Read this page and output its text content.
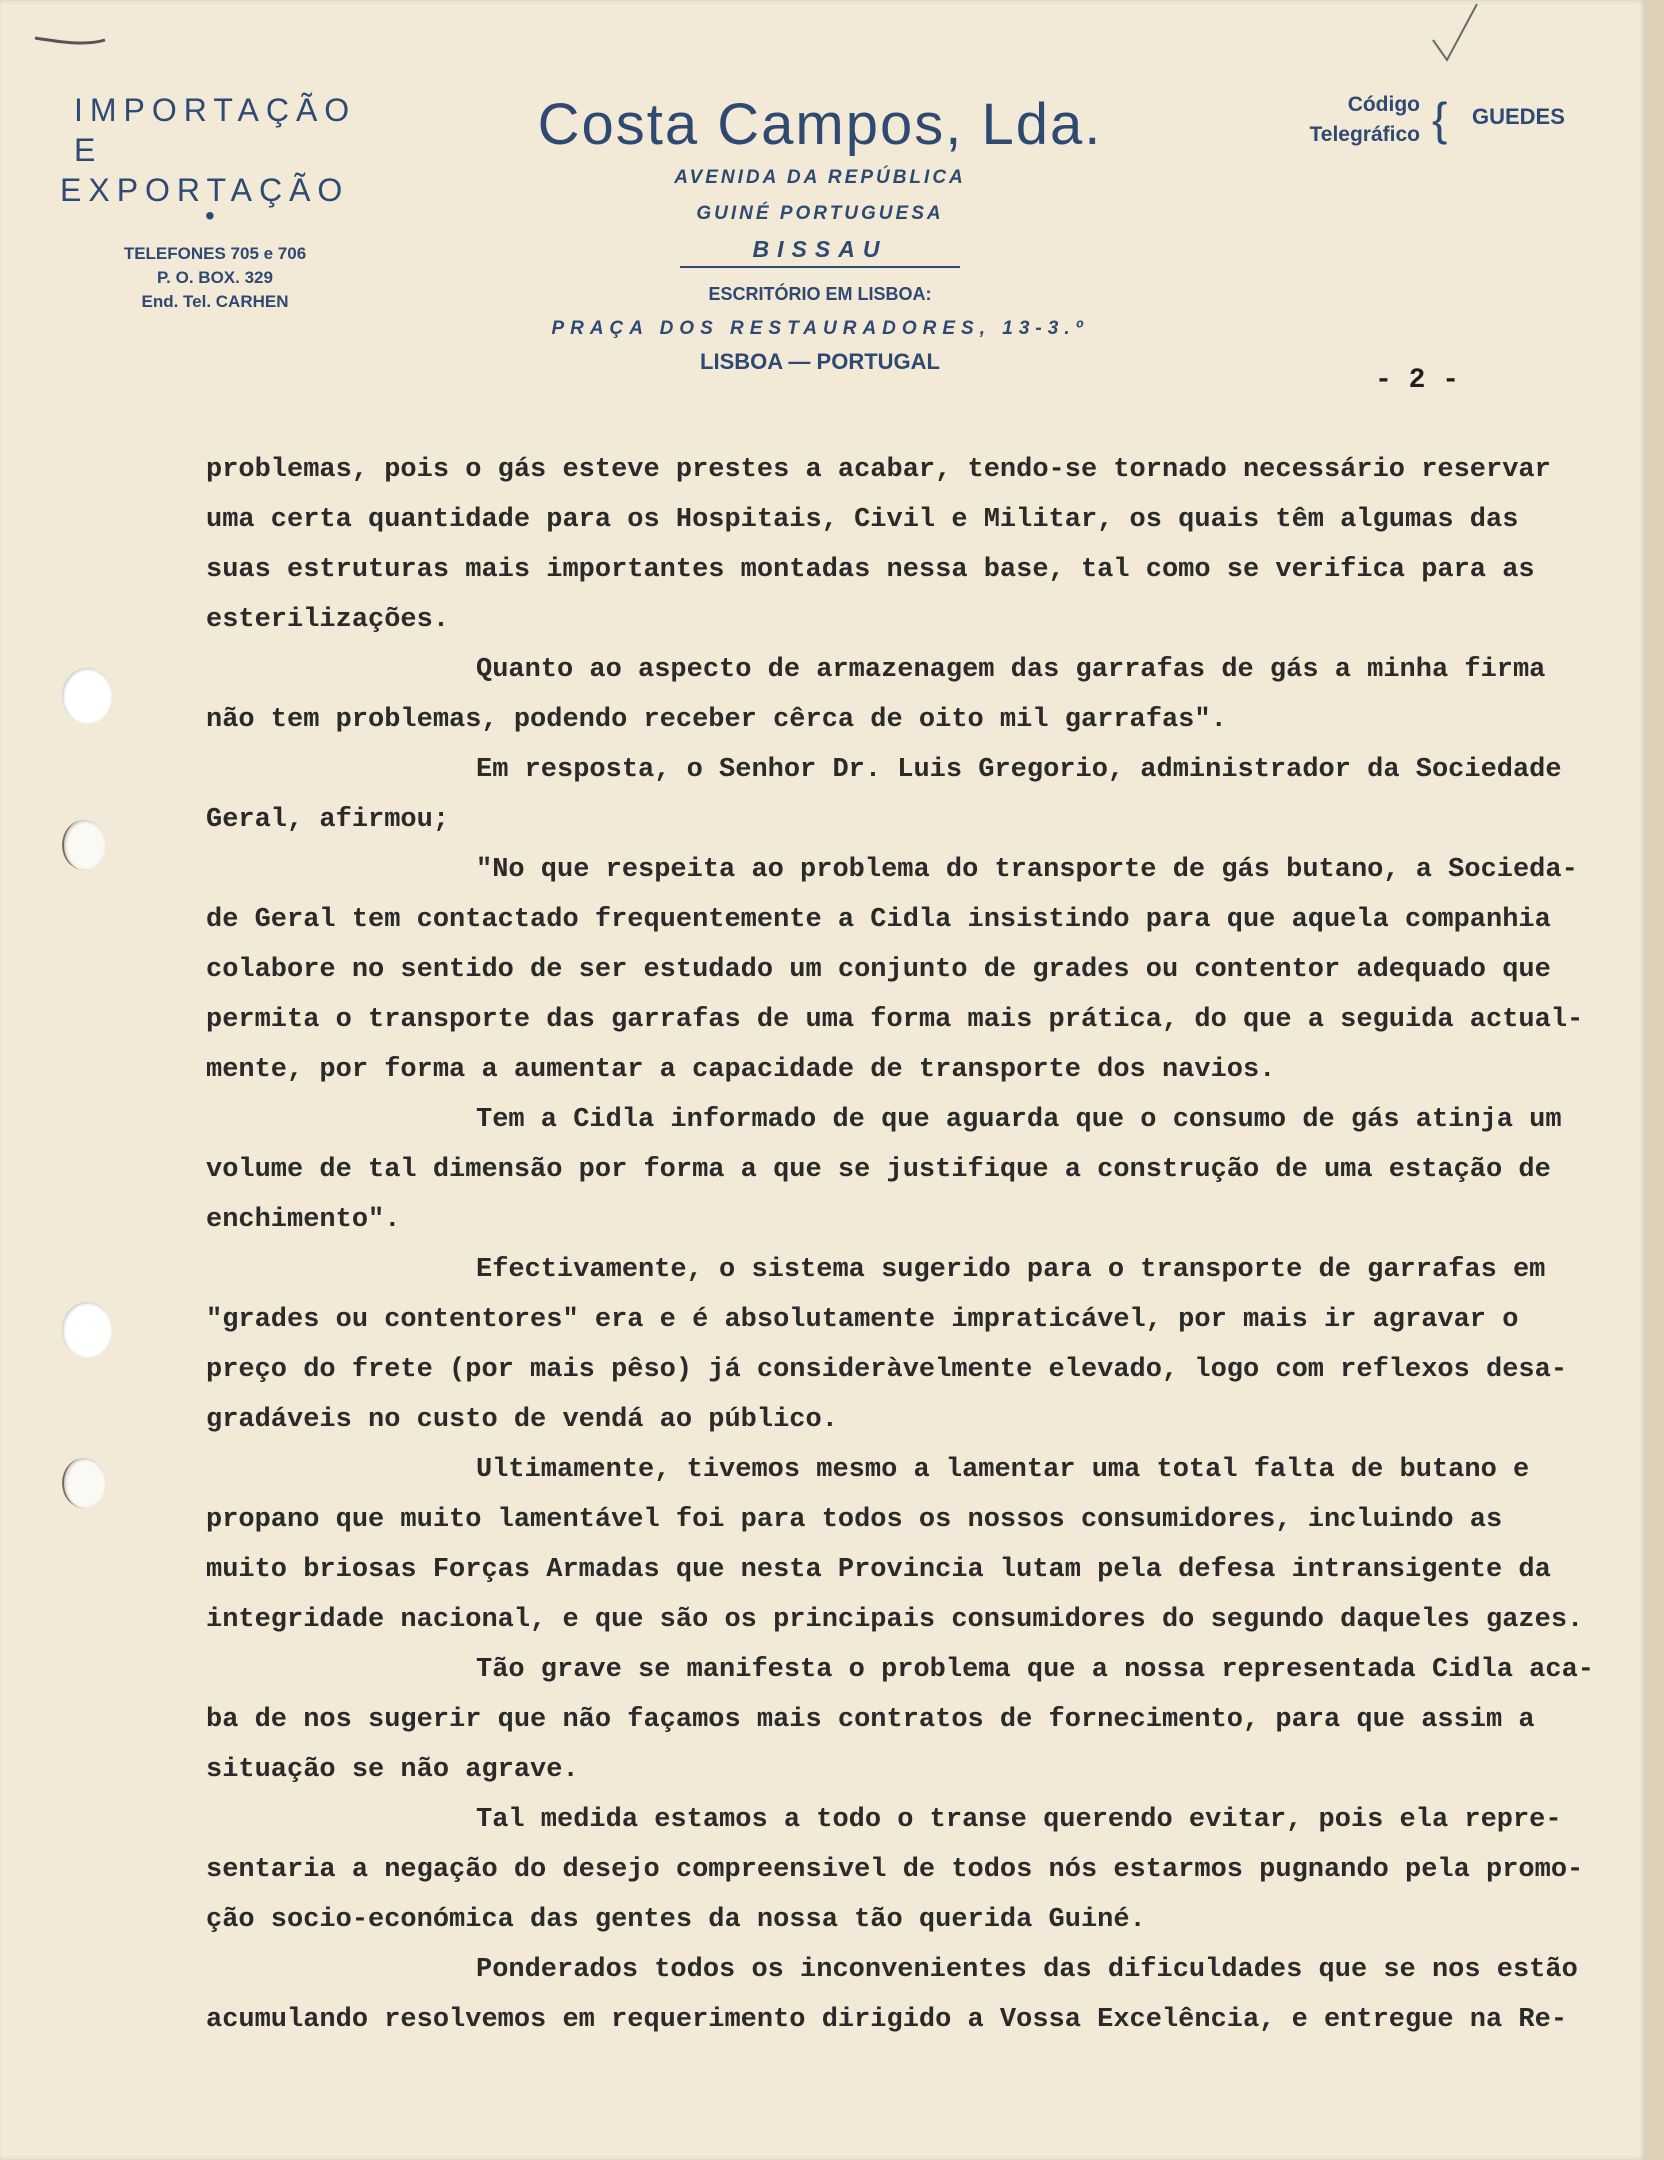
IMPORTAÇÃO E
EXPORTAÇÃO
•
TELEFONES 705 e 706
P. O. BOX. 329
End. Tel. CARHEN
Costa Campos, Lda.
AVENIDA DA REPÚBLICA
GUINÉ PORTUGUESA
BISSAU
ESCRITÓRIO EM LISBOA:
PRAÇA DOS RESTAURADORES, 13-3.º
LISBOA — PORTUGAL
Código
Telegráfico { GUEDES
- 2 -
problemas, pois o gás esteve prestes a acabar, tendo-se tornado necessário reservar
uma certa quantidade para os Hospitais, Civil e Militar, os quais têm algumas das
suas estruturas mais importantes montadas nessa base, tal como se verifica para as
esterilizações.
Quanto ao aspecto de armazenagem das garrafas de gás a minha firma
não tem problemas, podendo receber cêrca de oito mil garrafas".
Em resposta, o Senhor Dr. Luis Gregorio, administrador da Sociedade
Geral, afirmou;
"No que respeita ao problema do transporte de gás butano, a Socieda-
de Geral tem contactado frequentemente a Cidla insistindo para que aquela companhia
colabore no sentido de ser estudado um conjunto de grades ou contentor adequado que
permita o transporte das garrafas de uma forma mais prática, do que a seguida actual-
mente, por forma a aumentar a capacidade de transporte dos navios.
Tem a Cidla informado de que aguarda que o consumo de gás atinja um
volume de tal dimensão por forma a que se justifique a construção de uma estação de
enchimento".
Efectivamente, o sistema sugerido para o transporte de garrafas em
"grades ou contentores" era e é absolutamente impraticável, por mais ir agravar o
preço do frete (por mais pêso) já consideràvelmente elevado, logo com reflexos desa-
gradáveis no custo de vendá ao público.
Ultimamente, tivemos mesmo a lamentar uma total falta de butano e
propano que muito lamentável foi para todos os nossos consumidores, incluindo as
muito briosas Forças Armadas que nesta Provincia lutam pela defesa intransigente da
integridade nacional, e que são os principais consumidores do segundo daqueles gazes.
Tão grave se manifesta o problema que a nossa representada Cidla aca-
ba de nos sugerir que não façamos mais contratos de fornecimento, para que assim a
situação se não agrave.
Tal medida estamos a todo o transe querendo evitar, pois ela repre-
sentaria a negação do desejo compreensivel de todos nós estarmos pugnando pela promo-
ção socio-económica das gentes da nossa tão querida Guiné.
Ponderados todos os inconvenientes das dificuldades que se nos estão
acumulando resolvemos em requerimento dirigido a Vossa Excelência, e entregue na Re-
